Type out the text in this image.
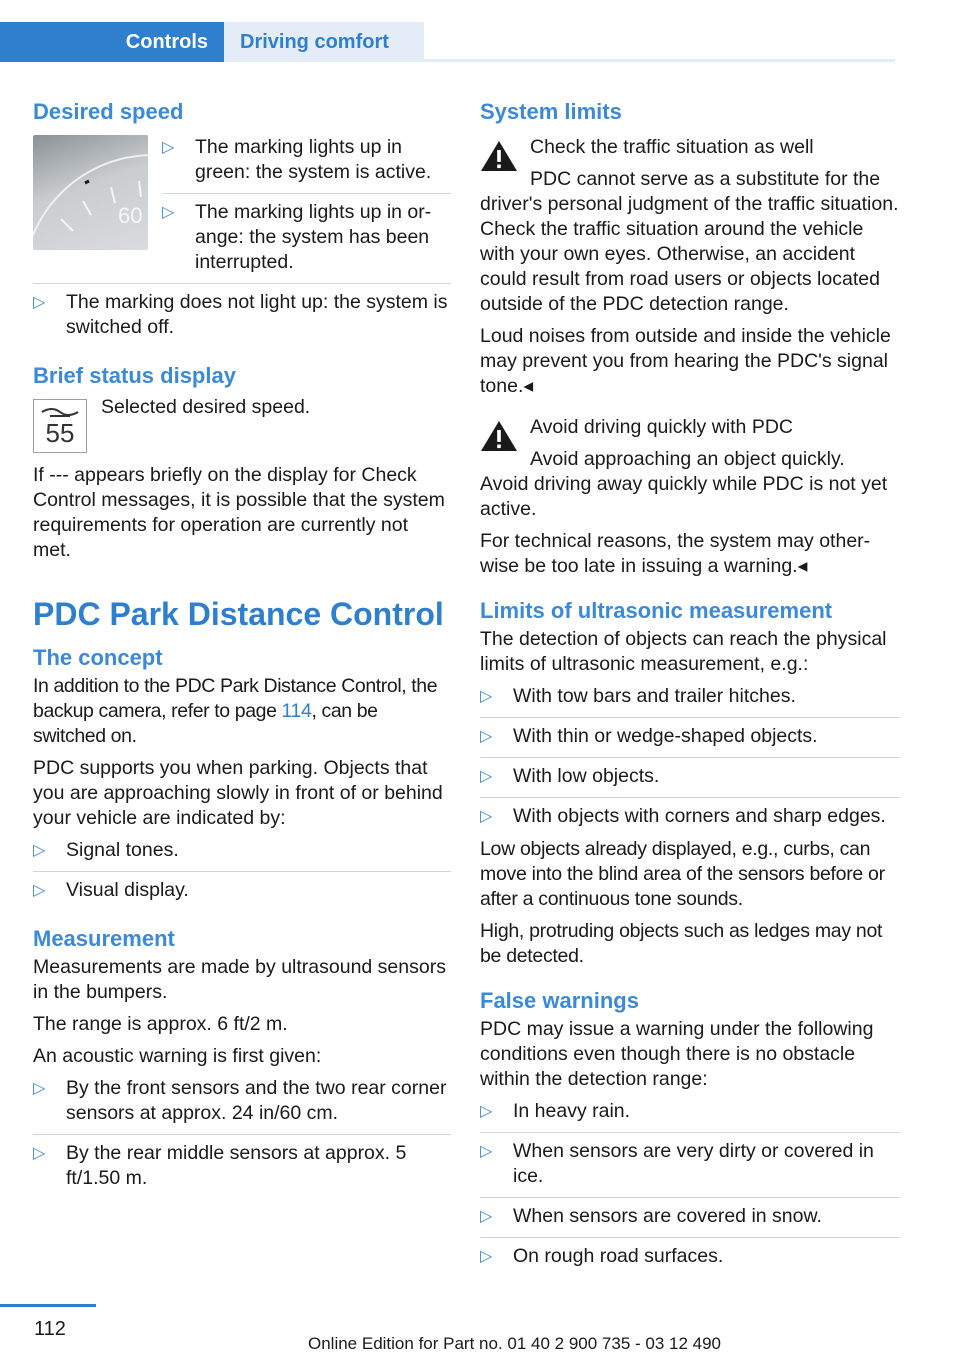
Controls	Driving comfort
Desired speed
60
▷ The marking lights up in green: the system is active.
▷ The marking lights up in orange: the system has been interrupted.
▷ The marking does not light up: the system is switched off.
Brief status display
55

Selected desired speed.

If --- appears briefly on the display for Check Control messages, it is possible that the system requirements for operation are currently not met.

PDC Park Distance Control
The concept

In addition to the PDC Park Distance Control, the backup camera, refer to page 114, can be switched on.

PDC supports you when parking. Objects that you are approaching slowly in front of or behind your vehicle are indicated by:

▷ Signal tones.
▷ Visual display.
Measurement

Measurements are made by ultrasound sensors in the bumpers.

The range is approx. 6 ft/2 m.

An acoustic warning is first given:

▷ By the front sensors and the two rear corner sensors at approx. 24 in/60 cm.
▷ By the rear middle sensors at approx. 5 ft/1.50 m.
System limits

Check the traffic situation as well

PDC cannot serve as a substitute for the

driver's personal judgment of the traffic situation. Check the traffic situation around the vehicle with your own eyes. Otherwise, an accident could result from road users or objects located outside of the PDC detection range.

Loud noises from outside and inside the vehicle may prevent you from hearing the PDC's signal tone.◂

Avoid driving quickly with PDC

Avoid approaching an object quickly.

Avoid driving away quickly while PDC is not yet active.

For technical reasons, the system may otherwise be too late in issuing a warning.◂

Limits of ultrasonic measurement

The detection of objects can reach the physical limits of ultrasonic measurement, e.g.:

▷ With tow bars and trailer hitches.
▷ With thin or wedge-shaped objects.
▷ With low objects.
▷ With objects with corners and sharp edges.

Low objects already displayed, e.g., curbs, can move into the blind area of the sensors before or after a continuous tone sounds.

High, protruding objects such as ledges may not be detected.

False warnings

PDC may issue a warning under the following conditions even though there is no obstacle within the detection range:

▷ In heavy rain.
▷ When sensors are very dirty or covered in ice.
▷ When sensors are covered in snow.
▷ On rough road surfaces.
112
Online Edition for Part no. 01 40 2 900 735 - 03 12 490
